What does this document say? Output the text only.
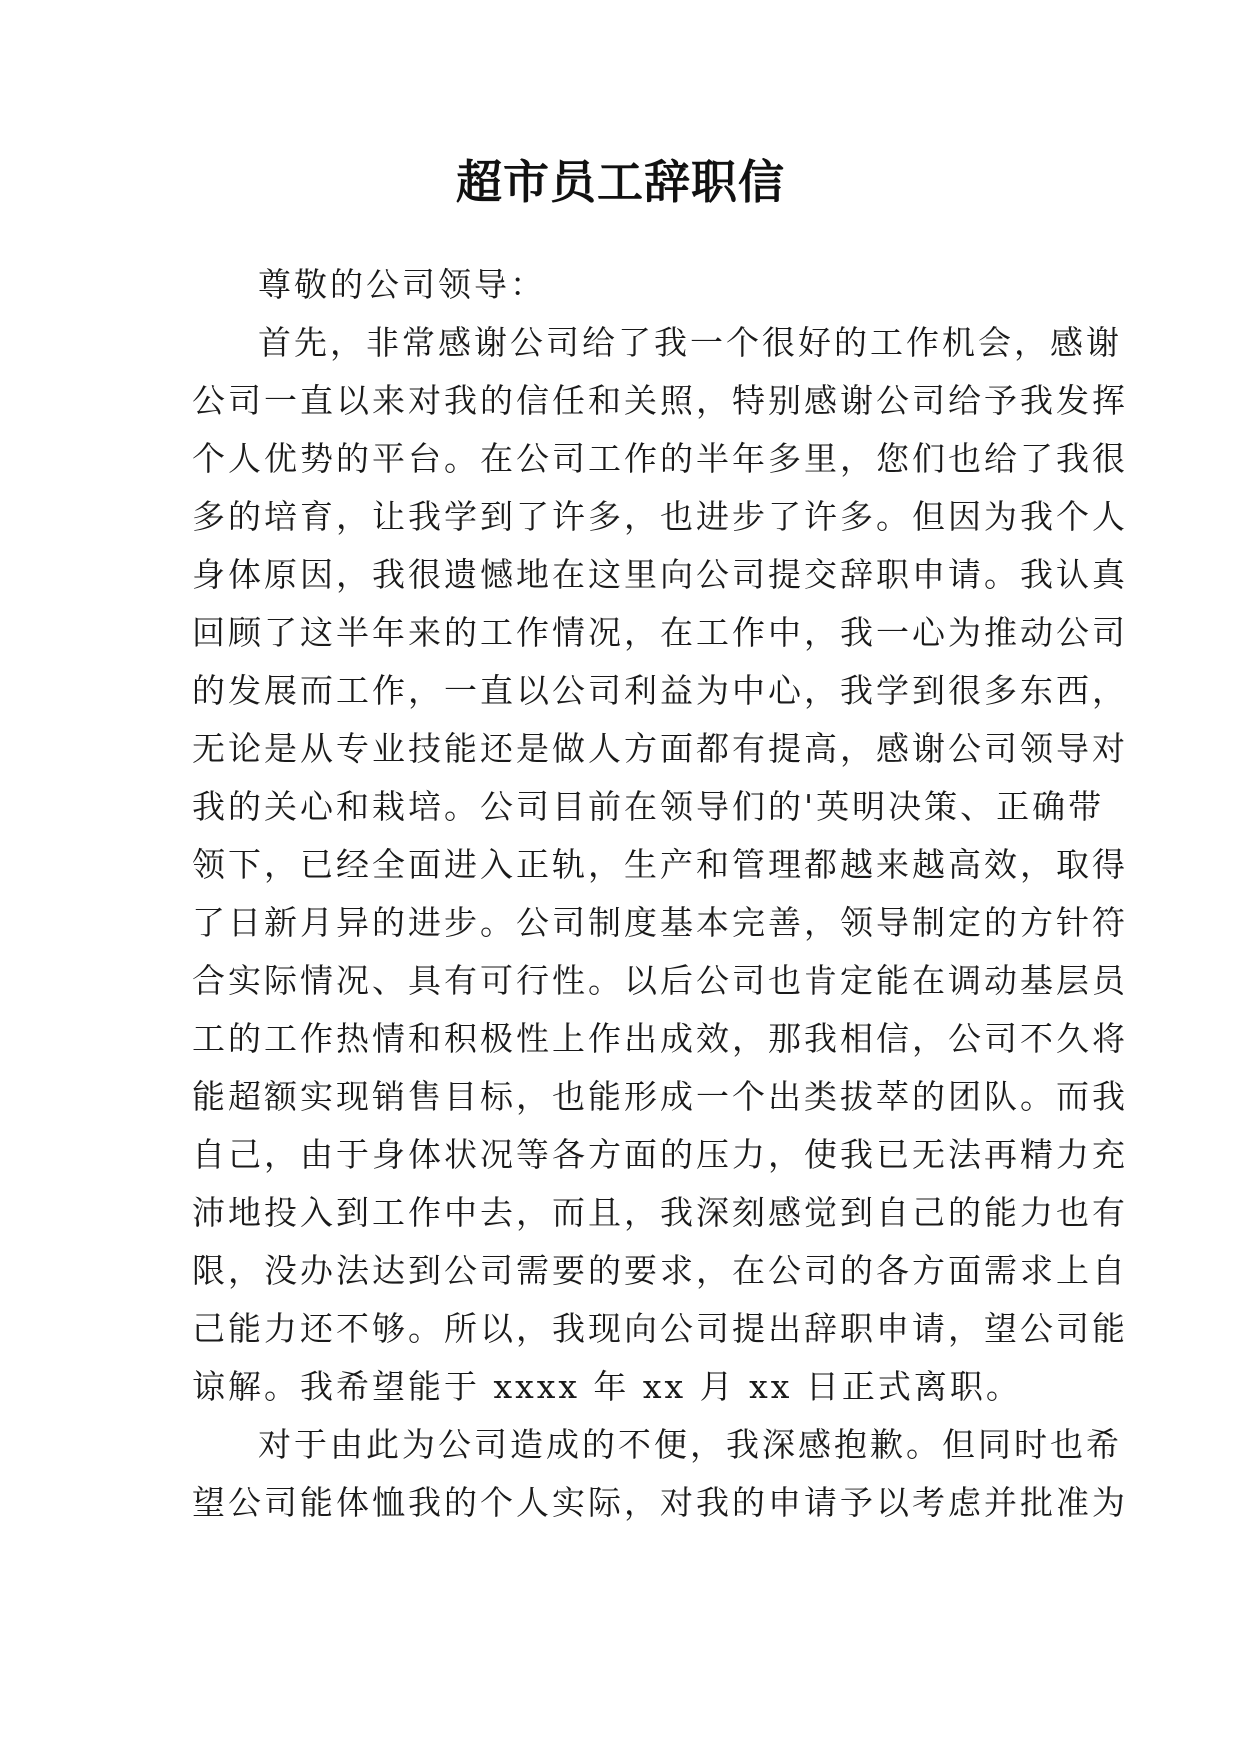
超市员工辞职信
尊敬的公司领导：
首先，非常感谢公司给了我一个很好的工作机会，感谢
公司一直以来对我的信任和关照，特别感谢公司给予我发挥
个人优势的平台。在公司工作的半年多里，您们也给了我很
多的培育，让我学到了许多，也进步了许多。但因为我个人
身体原因，我很遗憾地在这里向公司提交辞职申请。我认真
回顾了这半年来的工作情况，在工作中，我一心为推动公司
的发展而工作，一直以公司利益为中心，我学到很多东西，
无论是从专业技能还是做人方面都有提高，感谢公司领导对
我的关心和栽培。公司目前在领导们的'英明决策、正确带
领下，已经全面进入正轨，生产和管理都越来越高效，取得
了日新月异的进步。公司制度基本完善，领导制定的方针符
合实际情况、具有可行性。以后公司也肯定能在调动基层员
工的工作热情和积极性上作出成效，那我相信，公司不久将
能超额实现销售目标，也能形成一个出类拔萃的团队。而我
自己，由于身体状况等各方面的压力，使我已无法再精力充
沛地投入到工作中去，而且，我深刻感觉到自己的能力也有
限，没办法达到公司需要的要求，在公司的各方面需求上自
己能力还不够。所以，我现向公司提出辞职申请，望公司能
谅解。我希望能于 xxxx 年 xx 月 xx 日正式离职。
对于由此为公司造成的不便，我深感抱歉。但同时也希
望公司能体恤我的个人实际，对我的申请予以考虑并批准为
